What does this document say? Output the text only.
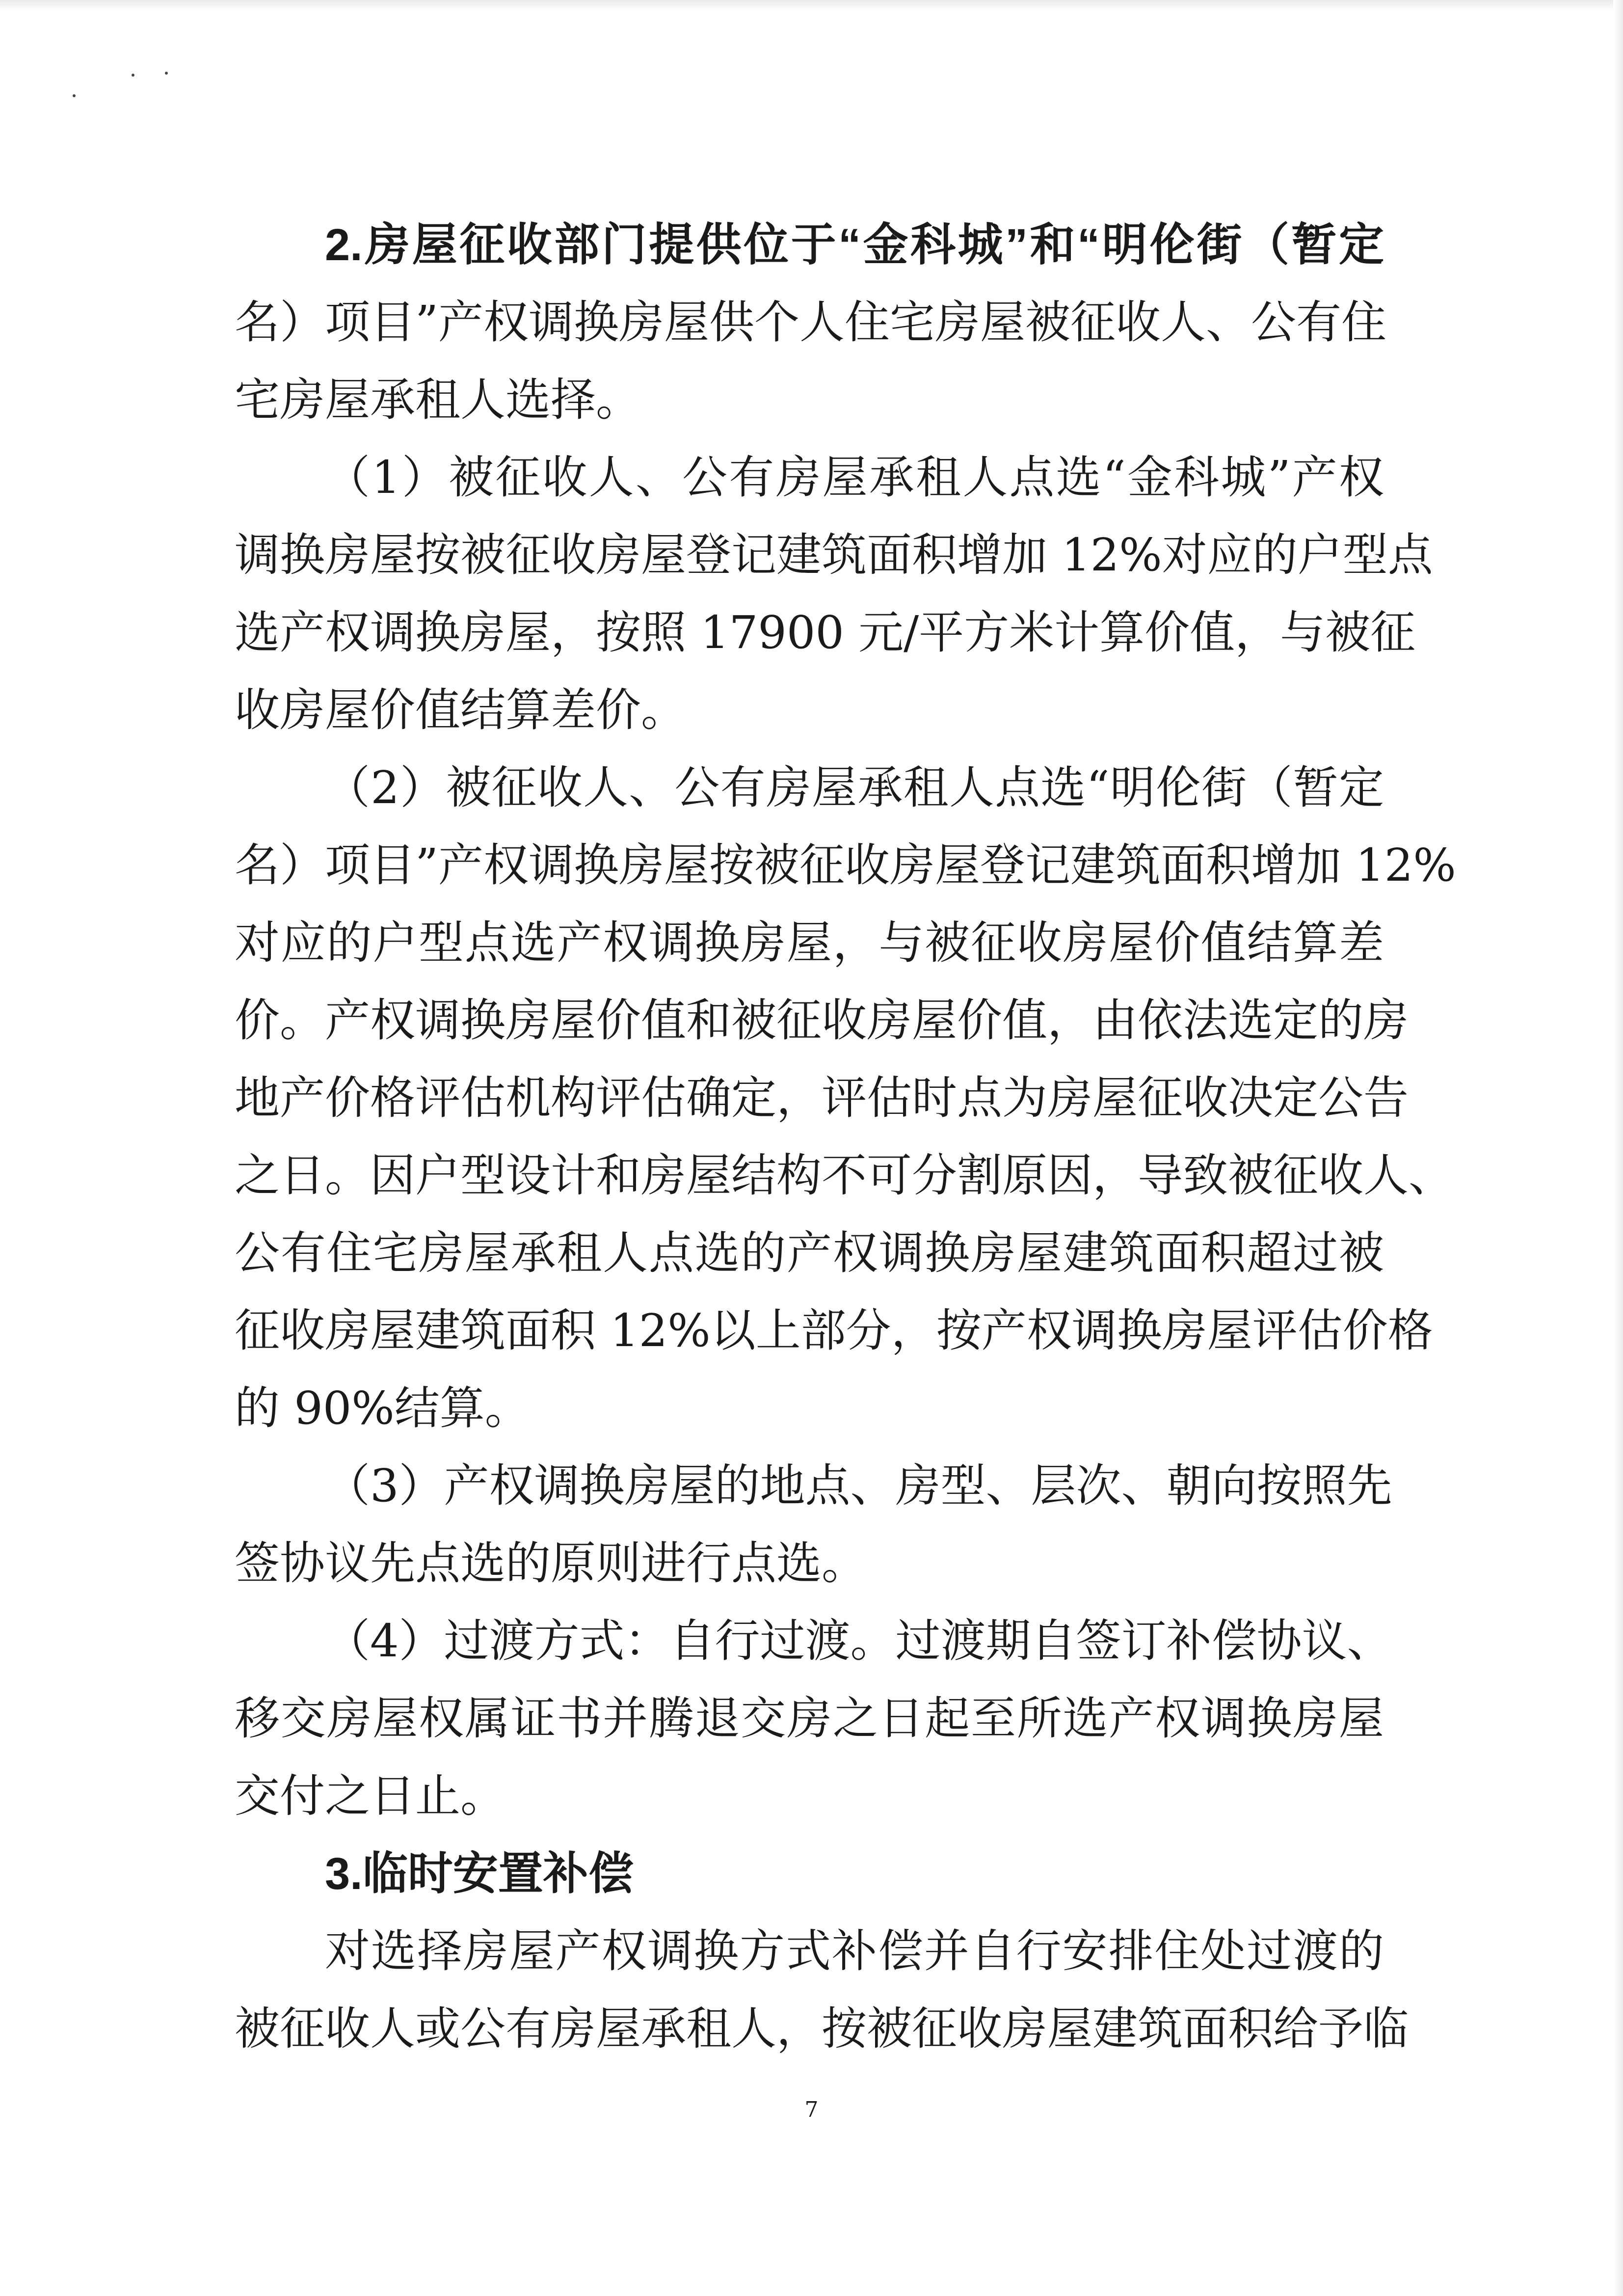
2.房屋征收部门提供位于“金科城”和“明伦街（暂定
名）项目”产权调换房屋供个人住宅房屋被征收人、公有住
宅房屋承租人选择。
（1）被征收人、公有房屋承租人点选“金科城”产权
调换房屋按被征收房屋登记建筑面积增加 12%对应的户型点
选产权调换房屋，按照 17900 元/平方米计算价值，与被征
收房屋价值结算差价。
（2）被征收人、公有房屋承租人点选“明伦街（暂定
名）项目”产权调换房屋按被征收房屋登记建筑面积增加 12%
对应的户型点选产权调换房屋，与被征收房屋价值结算差
价。产权调换房屋价值和被征收房屋价值，由依法选定的房
地产价格评估机构评估确定，评估时点为房屋征收决定公告
之日。因户型设计和房屋结构不可分割原因，导致被征收人、
公有住宅房屋承租人点选的产权调换房屋建筑面积超过被
征收房屋建筑面积 12%以上部分，按产权调换房屋评估价格
的 90%结算。
（3）产权调换房屋的地点、房型、层次、朝向按照先
签协议先点选的原则进行点选。
（4）过渡方式：自行过渡。过渡期自签订补偿协议、
移交房屋权属证书并腾退交房之日起至所选产权调换房屋
交付之日止。
3.临时安置补偿
对选择房屋产权调换方式补偿并自行安排住处过渡的
被征收人或公有房屋承租人，按被征收房屋建筑面积给予临
7
